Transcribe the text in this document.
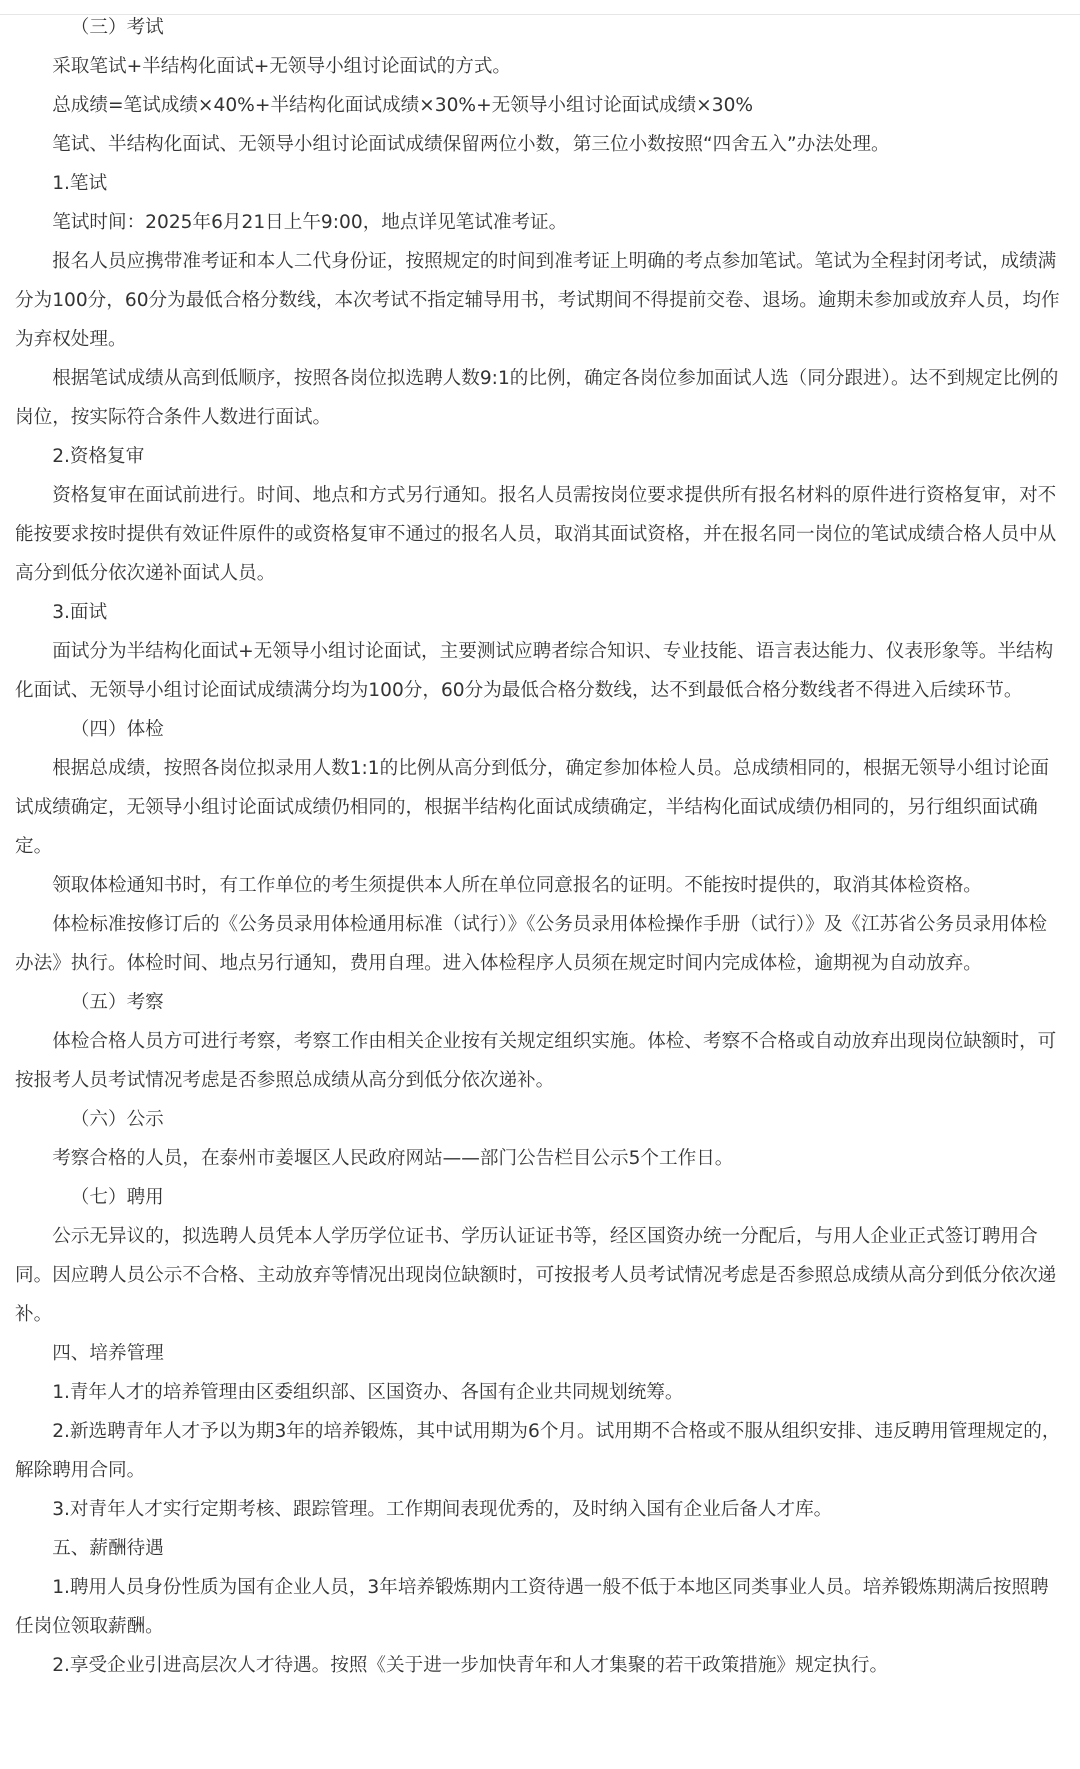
（三）考试

采取笔试+半结构化面试+无领导小组讨论面试的方式。

总成绩=笔试成绩×40%+半结构化面试成绩×30%+无领导小组讨论面试成绩×30%

笔试、半结构化面试、无领导小组讨论面试成绩保留两位小数，第三位小数按照“四舍五入”办法处理。

1.笔试

笔试时间：2025年6月21日上午9:00，地点详见笔试准考证。

报名人员应携带准考证和本人二代身份证，按照规定的时间到准考证上明确的考点参加笔试。笔试为全程封闭考试，成绩满分为100分，60分为最低合格分数线，本次考试不指定辅导用书，考试期间不得提前交卷、退场。逾期未参加或放弃人员，均作为弃权处理。

根据笔试成绩从高到低顺序，按照各岗位拟选聘人数9:1的比例，确定各岗位参加面试人选（同分跟进）。达不到规定比例的岗位，按实际符合条件人数进行面试。

2.资格复审

资格复审在面试前进行。时间、地点和方式另行通知。报名人员需按岗位要求提供所有报名材料的原件进行资格复审，对不能按要求按时提供有效证件原件的或资格复审不通过的报名人员，取消其面试资格，并在报名同一岗位的笔试成绩合格人员中从高分到低分依次递补面试人员。

3.面试

面试分为半结构化面试+无领导小组讨论面试，主要测试应聘者综合知识、专业技能、语言表达能力、仪表形象等。半结构化面试、无领导小组讨论面试成绩满分均为100分，60分为最低合格分数线，达不到最低合格分数线者不得进入后续环节。

（四）体检

根据总成绩，按照各岗位拟录用人数1:1的比例从高分到低分，确定参加体检人员。总成绩相同的，根据无领导小组讨论面试成绩确定，无领导小组讨论面试成绩仍相同的，根据半结构化面试成绩确定，半结构化面试成绩仍相同的，另行组织面试确定。

领取体检通知书时，有工作单位的考生须提供本人所在单位同意报名的证明。不能按时提供的，取消其体检资格。

体检标准按修订后的《公务员录用体检通用标准（试行）》《公务员录用体检操作手册（试行）》及《江苏省公务员录用体检办法》执行。体检时间、地点另行通知，费用自理。进入体检程序人员须在规定时间内完成体检，逾期视为自动放弃。

（五）考察

体检合格人员方可进行考察，考察工作由相关企业按有关规定组织实施。体检、考察不合格或自动放弃出现岗位缺额时，可按报考人员考试情况考虑是否参照总成绩从高分到低分依次递补。

（六）公示

考察合格的人员，在泰州市姜堰区人民政府网站——部门公告栏目公示5个工作日。

（七）聘用

公示无异议的，拟选聘人员凭本人学历学位证书、学历认证证书等，经区国资办统一分配后，与用人企业正式签订聘用合同。因应聘人员公示不合格、主动放弃等情况出现岗位缺额时，可按报考人员考试情况考虑是否参照总成绩从高分到低分依次递补。

四、培养管理

1.青年人才的培养管理由区委组织部、区国资办、各国有企业共同规划统筹。

2.新选聘青年人才予以为期3年的培养锻炼，其中试用期为6个月。试用期不合格或不服从组织安排、违反聘用管理规定的，解除聘用合同。

3.对青年人才实行定期考核、跟踪管理。工作期间表现优秀的，及时纳入国有企业后备人才库。

五、薪酬待遇

1.聘用人员身份性质为国有企业人员，3年培养锻炼期内工资待遇一般不低于本地区同类事业人员。培养锻炼期满后按照聘任岗位领取薪酬。

2.享受企业引进高层次人才待遇。按照《关于进一步加快青年和人才集聚的若干政策措施》规定执行。
